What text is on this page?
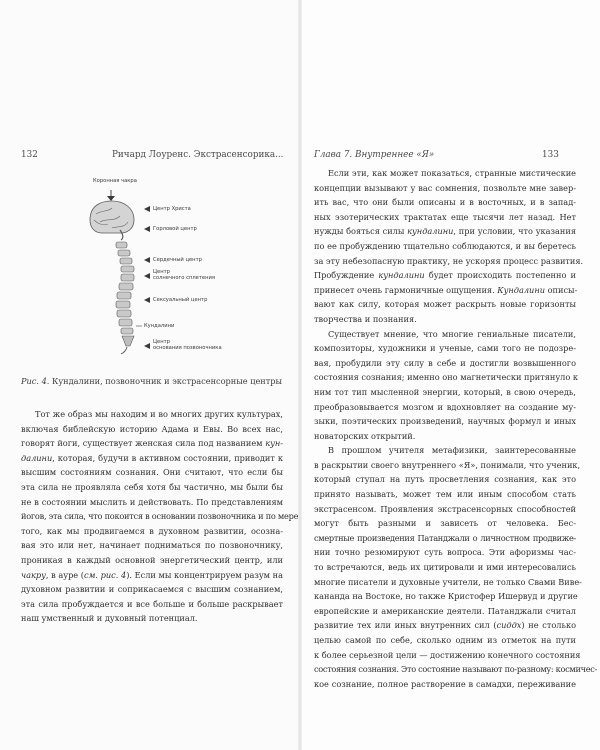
132	Ричард Лоуренс. Экстрасенсорика...	Глава 7. Внутреннее «Я»	133
Коронная чакра
Центр Христа
Горловой центр
Сердечный центр
Центр
солнечного сплетения
Сексуальный центр
Кундалини
Центр
основания позвоночника
Рис. 4. Кундалини, позвоночник и экстрасенсорные центры
Тот же образ мы находим и во многих других культурах,
включая библейскую историю Адама и Евы. Во всех нас,
говорят йоги, существует женская сила под названием кун-
далини, которая, будучи в активном состоянии, приводит к
высшим состояниям сознания. Они считают, что если бы
эта сила не проявляла себя хотя бы частично, мы были бы
не в состоянии мыслить и действовать. По представлениям
йогов, эта сила, что покоится в основании позвоночника и по мере
того, как мы продвигаемся в духовном развитии, осозна-
вая это или нет, начинает подниматься по позвоночнику,
проникая в каждый основной энергетический центр, или
чакру, в ауре (см. рис. 4). Если мы концентрируем разум на
духовном развитии и соприкасаемся с высшим сознанием,
эта сила пробуждается и все больше и больше раскрывает
наш умственный и духовный потенциал.
Если эти, как может показаться, странные мистические
концепции вызывают у вас сомнения, позвольте мне завер-
ить вас, что они были описаны и в восточных, и в запад-
ных эзотерических трактатах еще тысячи лет назад. Нет
нужды бояться силы кундалини, при условии, что указания
по ее пробуждению тщательно соблюдаются, и вы беретесь
за эту небезопасную практику, не ускоряя процесс развития.
Пробуждение кундалини будет происходить постепенно и
принесет очень гармоничные ощущения. Кундалини описы-
вают как силу, которая может раскрыть новые горизонты
творчества и познания.
Существует мнение, что многие гениальные писатели,
композиторы, художники и ученые, сами того не подозре-
вая, пробудили эту силу в себе и достигли возвышенного
состояния сознания; именно оно магнетически притянуло к
ним тот тип мысленной энергии, который, в свою очередь,
преобразовывается мозгом и вдохновляет на создание му-
зыки, поэтических произведений, научных формул и иных
новаторских открытий.
В прошлом учителя метафизики, заинтересованные
в раскрытии своего внутреннего «Я», понимали, что ученик,
который ступал на путь просветления сознания, как это
принято называть, может тем или иным способом стать
экстрасенсом. Проявления экстрасенсорных способностей
могут быть разными и зависеть от человека. Бес-
смертные произведения Патанджали о личностном продвиже-
нии точно резюмируют суть вопроса. Эти афоризмы час-
то встречаются, ведь их цитировали и ими интересовались
многие писатели и духовные учители, не только Свами Виве-
кананда на Востоке, но также Кристофер Ишервуд и другие
европейские и американские деятели. Патанджали считал
развитие тех или иных внутренних сил (сиддх) не столько
целью самой по себе, сколько одним из отметок на пути
к более серьезной цели — достижению конечного состояния
состояния сознания. Это состояние называют по-разному: космичес-
кое сознание, полное растворение в самадхи, переживание
